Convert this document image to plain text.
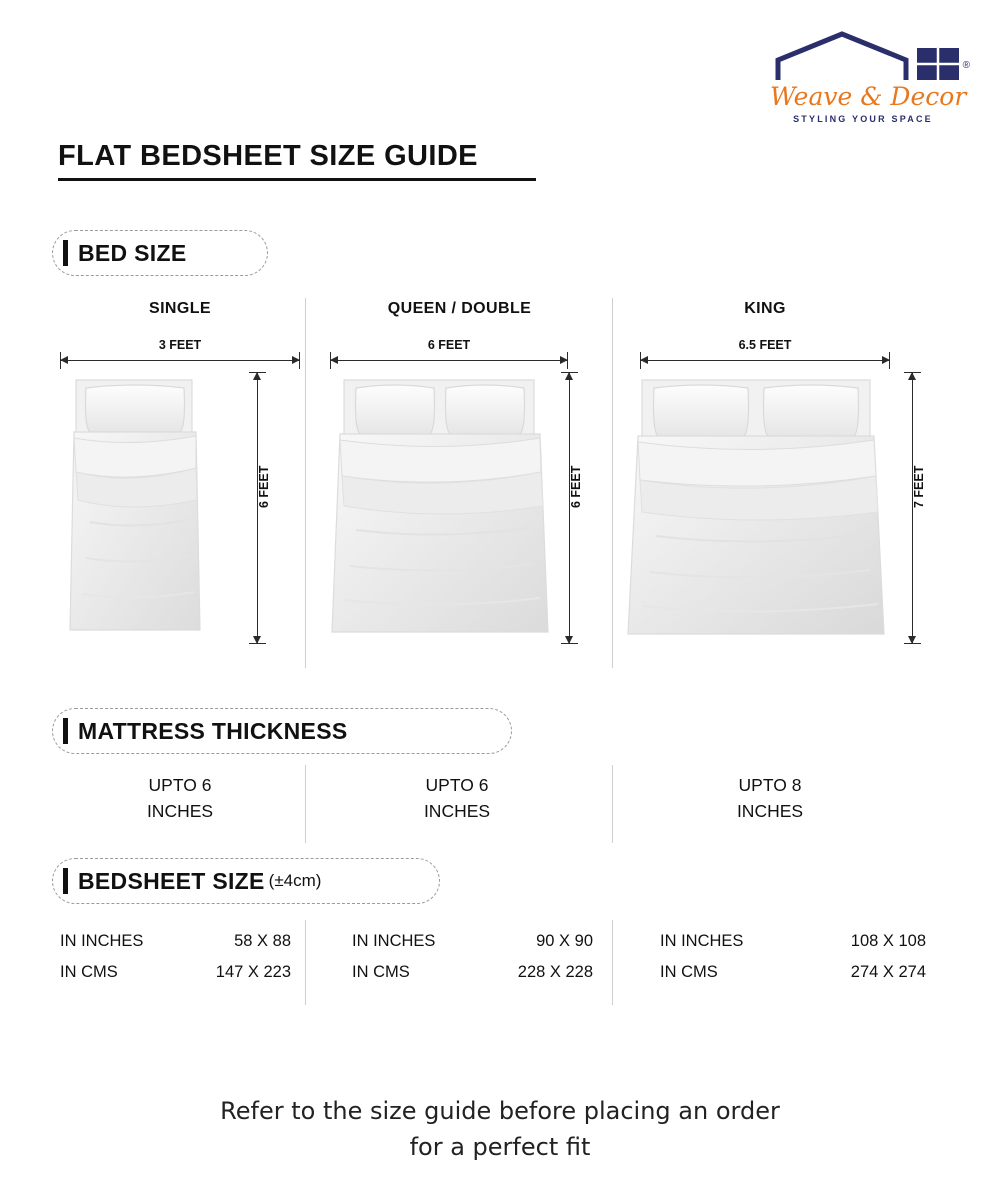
Weave & Decor
STYLING YOUR SPACE
®
FLAT BEDSHEET SIZE GUIDE
BED SIZE
SINGLE
3 FEET
6 FEET
QUEEN / DOUBLE
6 FEET
6 FEET
KING
6.5 FEET
7 FEET
MATTRESS THICKNESS
UPTO 6
INCHES
UPTO 6
INCHES
UPTO 8
INCHES
BEDSHEET SIZE (±4cm)
IN INCHES	58 X 88
IN CMS	147 X 223
IN INCHES	90 X 90
IN CMS	228 X 228
IN INCHES	108 X 108
IN CMS	274 X 274
Refer to the size guide before placing an order
for a perfect fit
